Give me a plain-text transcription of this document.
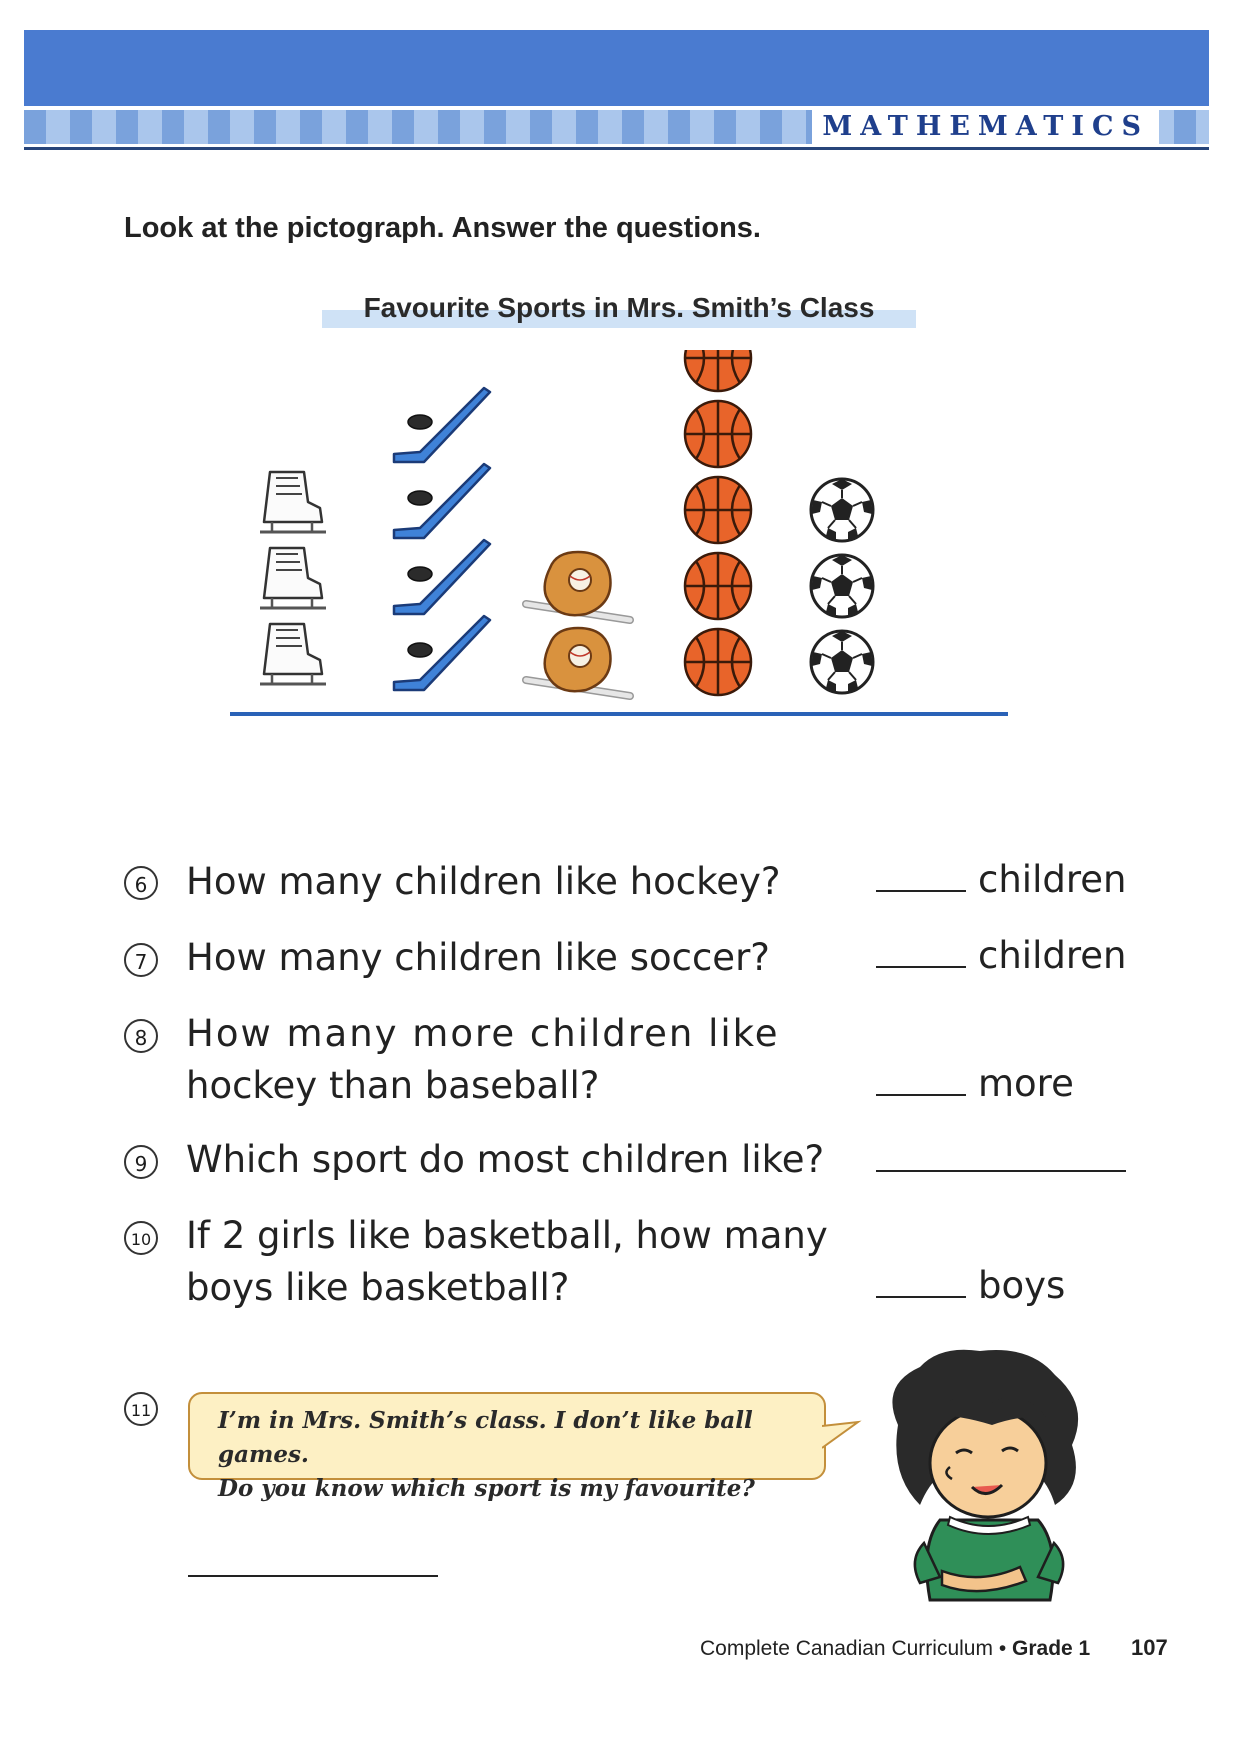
MATHEMATICS
Look at the pictograph. Answer the questions.
Favourite Sports in Mrs. Smith’s Class
6 How many children like hockey?	children
7 How many children like soccer?	children
8 How many more children like
hockey than baseball?	more
9 Which sport do most children like?
10 If 2 girls like basketball, how many
boys like basketball?	boys
11	I’m in Mrs. Smith’s class. I don’t like ball games.
Do you know which sport is my favourite?
Complete Canadian Curriculum • Grade 1 107
